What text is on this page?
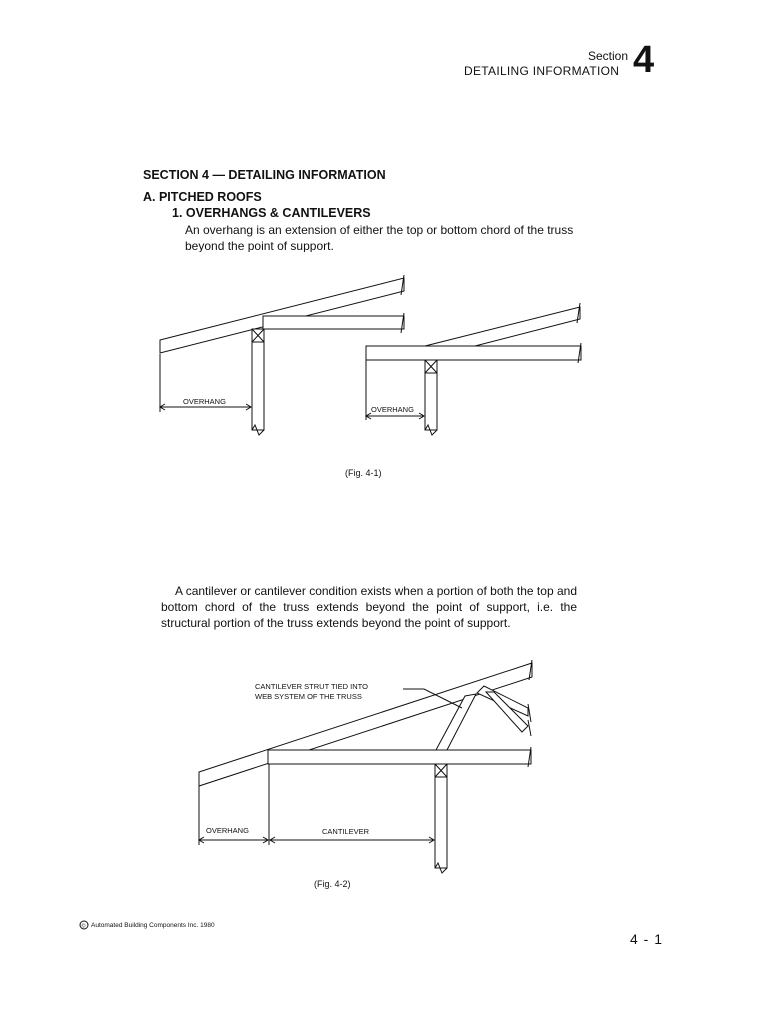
Section
DETAILING INFORMATION 4
SECTION 4 — DETAILING INFORMATION
A. PITCHED ROOFS
1. OVERHANGS & CANTILEVERS
An overhang is an extension of either the top or bottom chord of the truss beyond the point of support.
A cantilever or cantilever condition exists when a portion of both the top and bottom chord of the truss extends beyond the point of support, i.e. the structural portion of the truss extends beyond the point of support.
OVERHANG
OVERHANG
(Fig. 4-1)
OVERHANG	CANTILEVER
CANTILEVER STRUT TIED INTO
WEB SYSTEM OF THE TRUSS
(Fig. 4-2)
© Automated Building Components Inc. 1980
4 - 1
